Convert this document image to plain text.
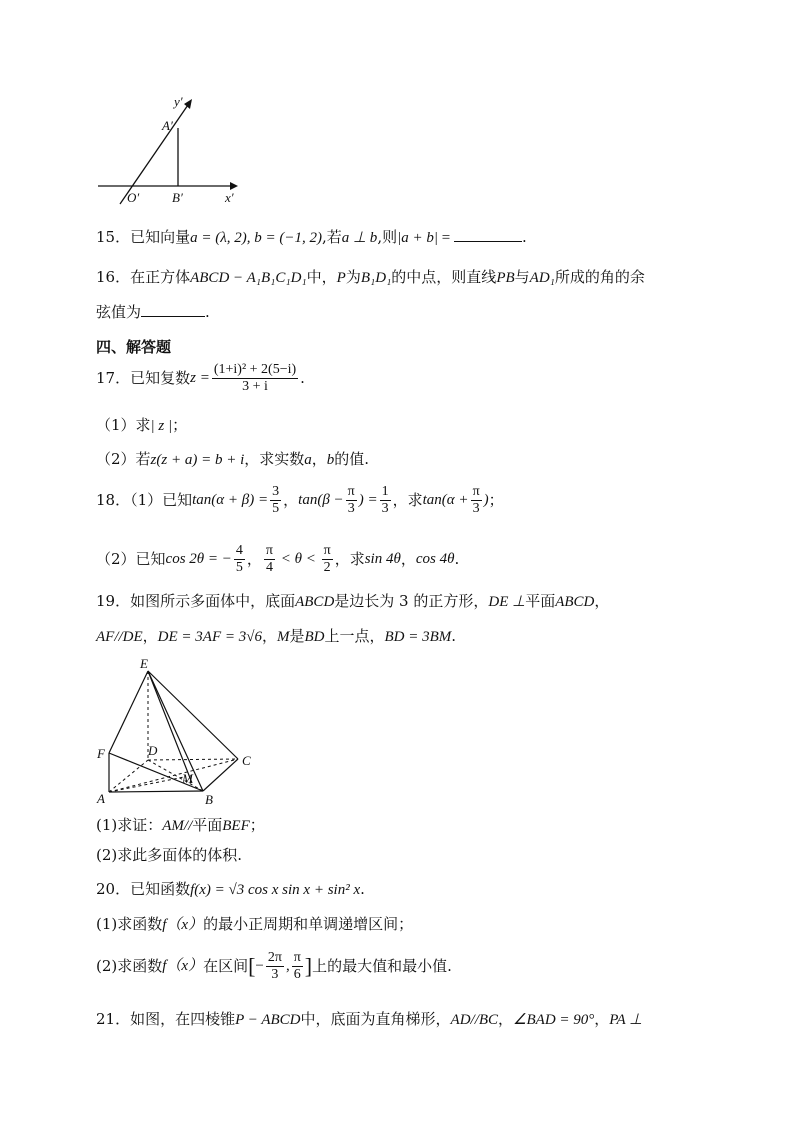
y′
A′
O′	B′	x′
15．已知向量a = (λ, 2), b = (−1, 2),若a ⊥ b,则|a + b| =	.
16．在正方体ABCD − A₁B₁C₁D₁中，P为B₁D₁的中点，则直线PB与AD₁所成的角的余
弦值为	.
四、解答题
17．已知复数$z = \frac{\text{(1+i)² + 2(5−i)}}{3 + i}$ .
（1）求| z |；
（2）若z(z + a) = b + i，求实数a，b的值.
18．（1）已知$\tan(\alpha + \beta) = \frac{3}{5}$ ，$\tan(\beta - \frac{\pi}{3}$ ) = $\frac{1}{3}$ ，求$\tan(\alpha + \frac{\pi}{3}$ )；
（2）已知cos 2θ = − $\frac{4}{5}$ ， $\frac{\pi}{4} < \theta < \frac{\pi}{2}$ ，求sin 4θ，cos 4θ.
19．如图所示多面体中，底面ABCD是边长为 3 的正方形，DE ⊥平面ABCD，
AF//DE，DE = 3AF = 3√6，M是BD上一点，BD = 3BM.
E
F	D
C
M
A	B
(1)求证：AM//平面BEF；
(2)求此多面体的体积.
20．已知函数f(x) = √3 cos x sin x + sin² x.
(1)求函数f（x）的最小正周期和单调递增区间；
(2)求函数f（x）在区间[− $\frac{2\pi}{3}$ , $\frac{\pi}{6}$ ]上的最大值和最小值.
21．如图，在四棱锥P − ABCD中，底面为直角梯形，AD//BC，∠BAD = 90°，PA ⊥
